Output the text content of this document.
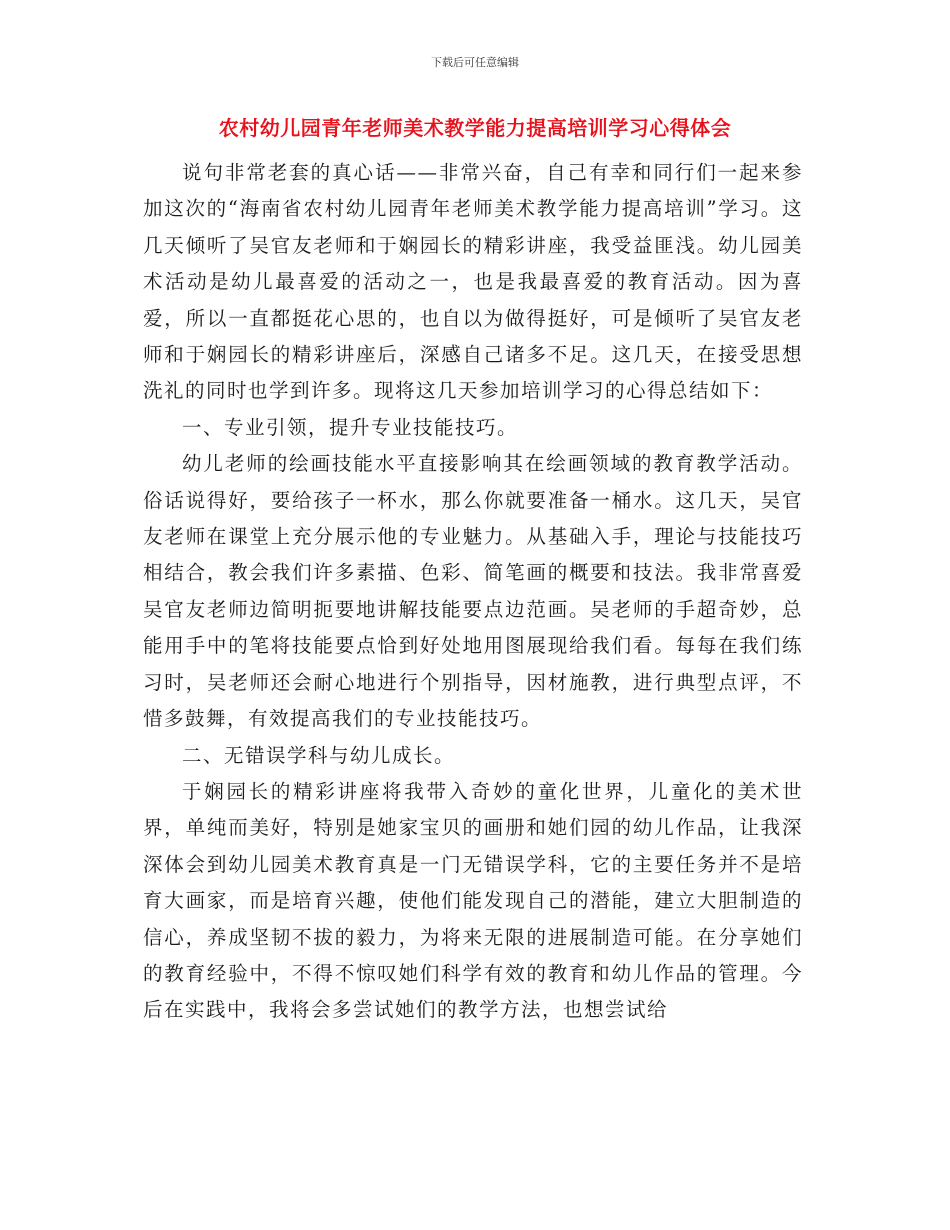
下载后可任意编辑
农村幼儿园青年老师美术教学能力提高培训学习心得体会

说句非常老套的真心话——非常兴奋，自己有幸和同行们一起来参加这次的“海南省农村幼儿园青年老师美术教学能力提高培训”学习。这几天倾听了吴官友老师和于娴园长的精彩讲座，我受益匪浅。幼儿园美术活动是幼儿最喜爱的活动之一，也是我最喜爱的教育活动。因为喜爱，所以一直都挺花心思的，也自以为做得挺好，可是倾听了吴官友老师和于娴园长的精彩讲座后，深感自己诸多不足。这几天，在接受思想洗礼的同时也学到许多。现将这几天参加培训学习的心得总结如下：

一、专业引领，提升专业技能技巧。

幼儿老师的绘画技能水平直接影响其在绘画领域的教育教学活动。俗话说得好，要给孩子一杯水，那么你就要准备一桶水。这几天，吴官友老师在课堂上充分展示他的专业魅力。从基础入手，理论与技能技巧相结合，教会我们许多素描、色彩、简笔画的概要和技法。我非常喜爱吴官友老师边简明扼要地讲解技能要点边范画。吴老师的手超奇妙，总能用手中的笔将技能要点恰到好处地用图展现给我们看。每每在我们练习时，吴老师还会耐心地进行个别指导，因材施教，进行典型点评，不惜多鼓舞，有效提高我们的专业技能技巧。

二、无错误学科与幼儿成长。

于娴园长的精彩讲座将我带入奇妙的童化世界，儿童化的美术世界，单纯而美好，特别是她家宝贝的画册和她们园的幼儿作品，让我深深体会到幼儿园美术教育真是一门无错误学科，它的主要任务并不是培育大画家，而是培育兴趣，使他们能发现自己的潜能，建立大胆制造的信心，养成坚韧不拔的毅力，为将来无限的进展制造可能。在分享她们的教育经验中，不得不惊叹她们科学有效的教育和幼儿作品的管理。今后在实践中，我将会多尝试她们的教学方法，也想尝试给
